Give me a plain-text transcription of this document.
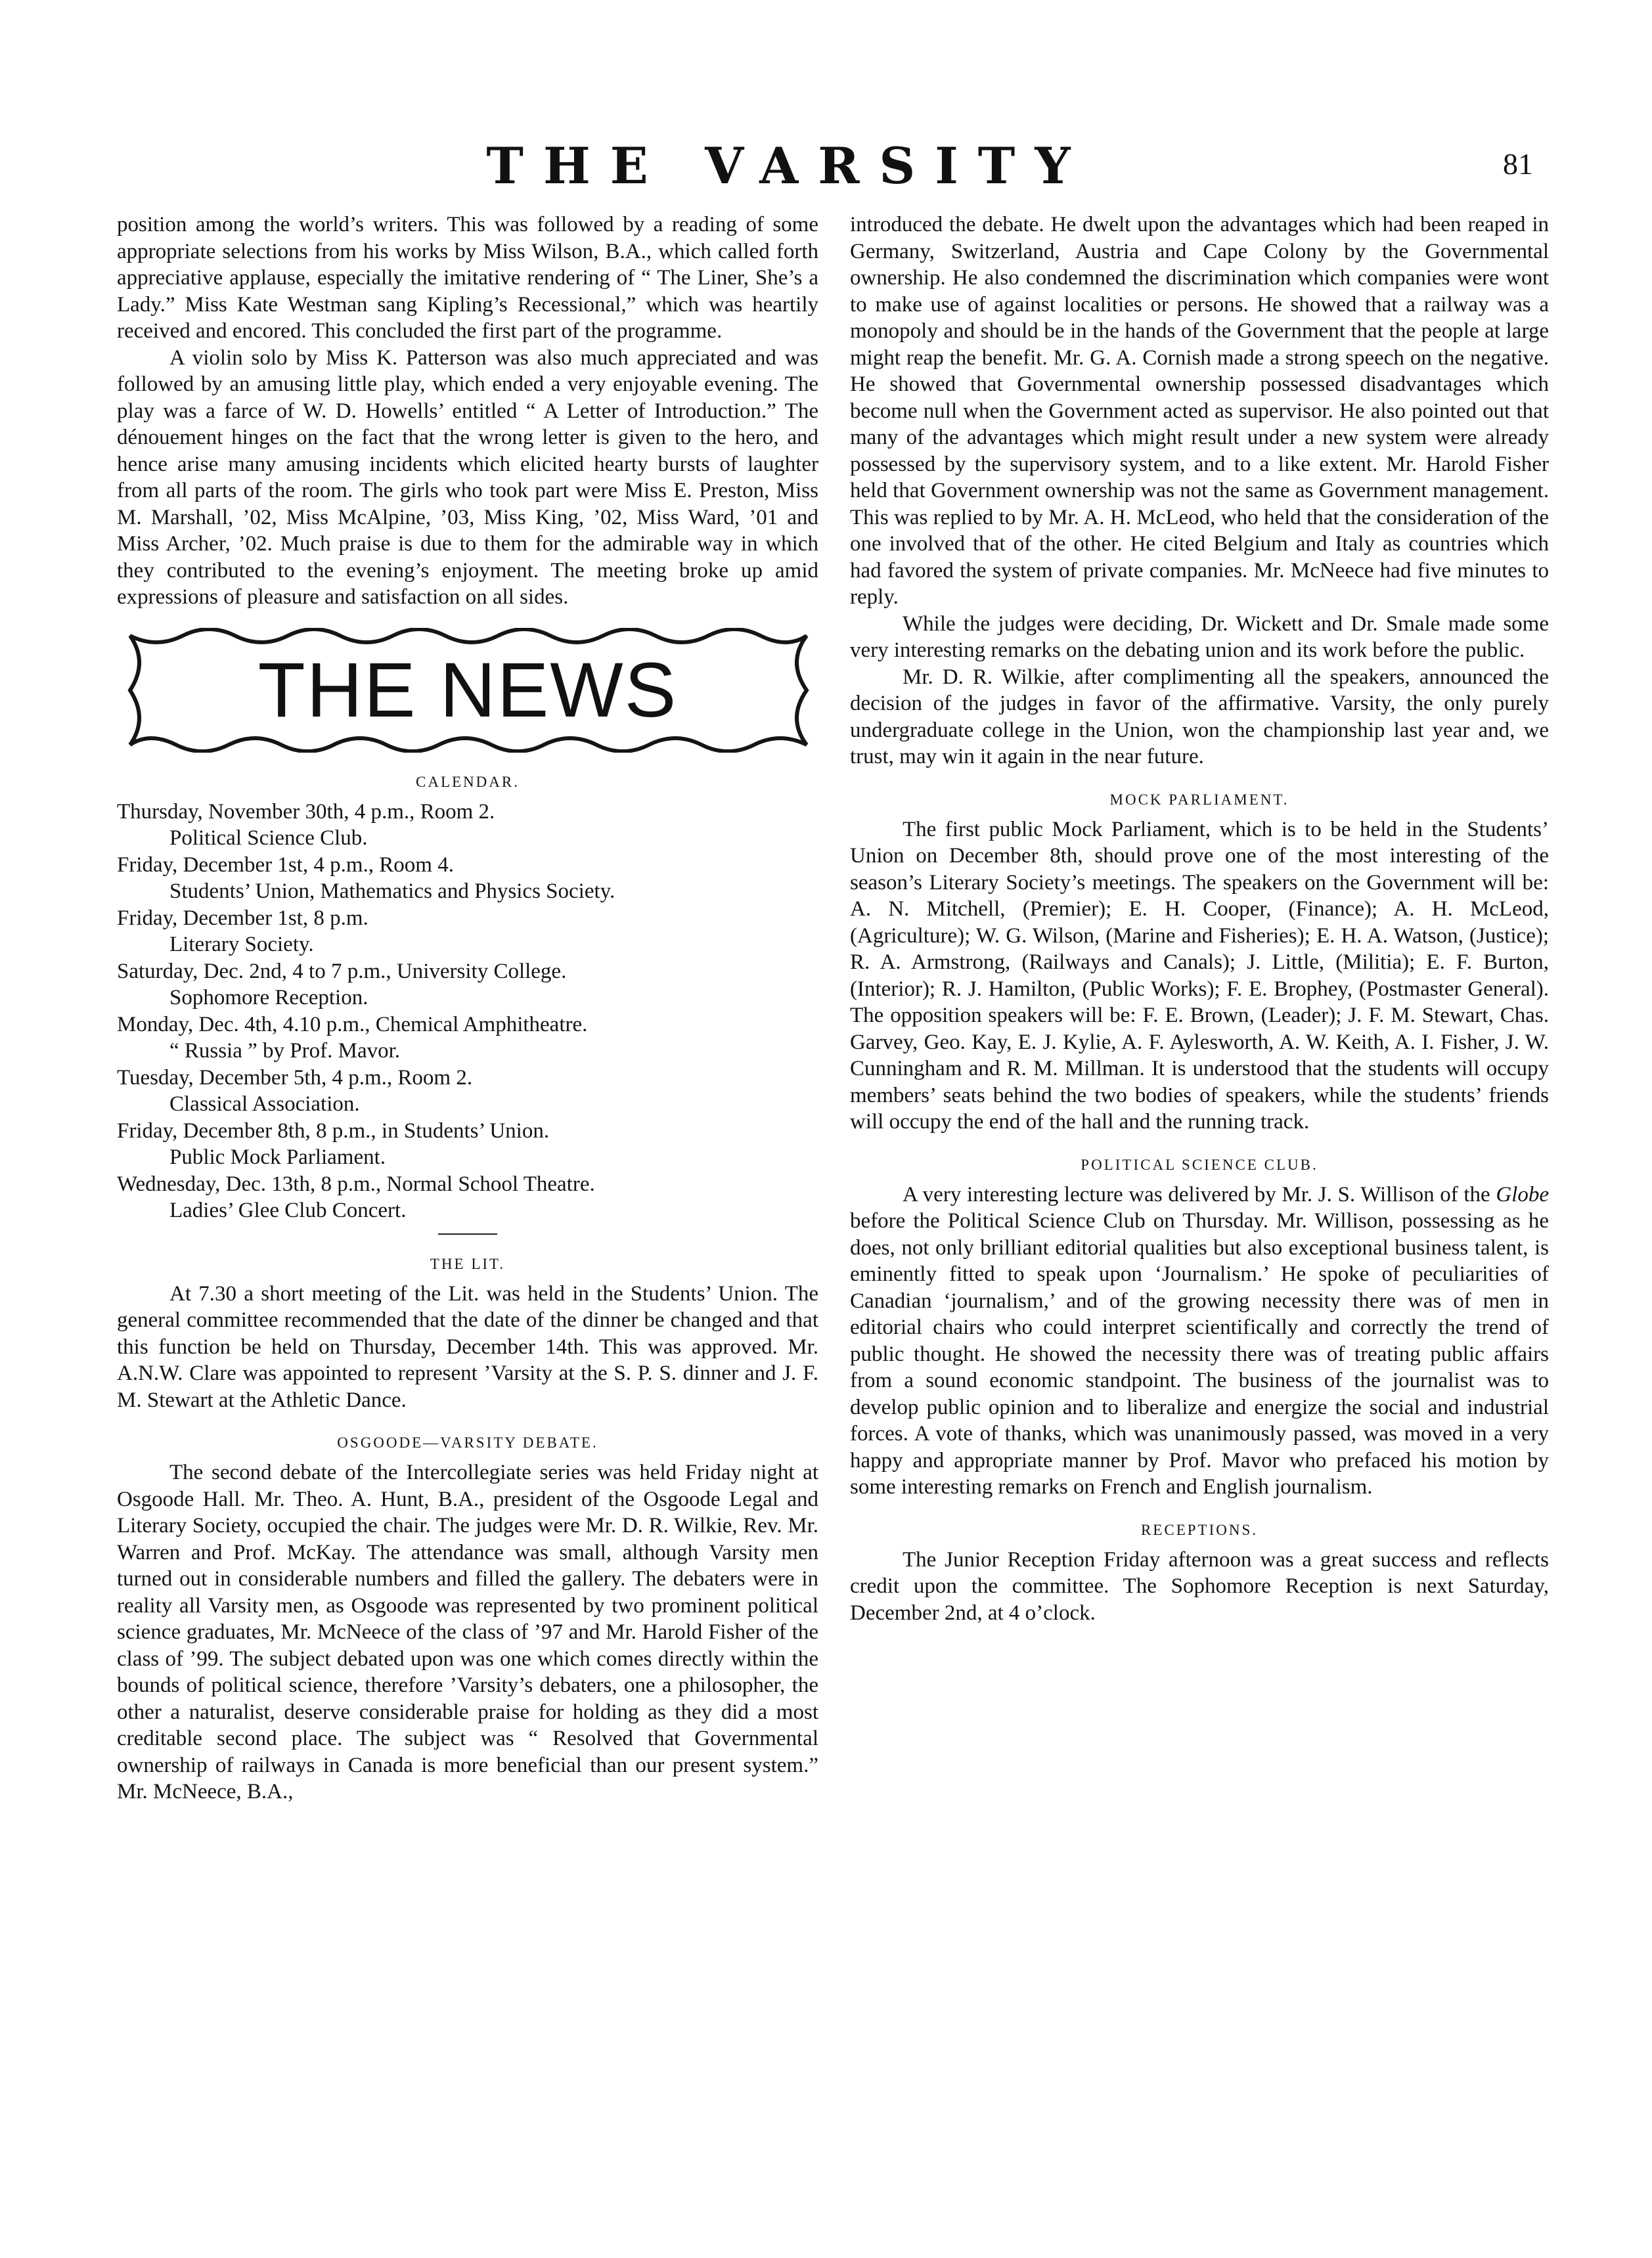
THE VARSITY	81

position among the world’s writers. This was followed by a reading of some appropriate selections from his works by Miss Wilson, B.A., which called forth appreciative applause, especially the imitative rendering of “ The Liner, She’s a Lady.” Miss Kate Westman sang Kipling’s Recessional,” which was heartily received and encored. This concluded the first part of the programme.

A violin solo by Miss K. Patterson was also much appreciated and was followed by an amusing little play, which ended a very enjoyable evening. The play was a farce of W. D. Howells’ entitled “ A Letter of Introduction.” The dénouement hinges on the fact that the wrong letter is given to the hero, and hence arise many amusing incidents which elicited hearty bursts of laughter from all parts of the room. The girls who took part were Miss E. Preston, Miss M. Marshall, ’02, Miss McAlpine, ’03, Miss King, ’02, Miss Ward, ’01 and Miss Archer, ’02. Much praise is due to them for the admirable way in which they contributed to the evening’s enjoyment. The meeting broke up amid expressions of pleasure and satisfaction on all sides.

THE NEWS
CALENDAR.

Thursday, November 30th, 4 p.m., Room 2.

Political Science Club.

Friday, December 1st, 4 p.m., Room 4.

Students’ Union, Mathematics and Physics Society.

Friday, December 1st, 8 p.m.

Literary Society.

Saturday, Dec. 2nd, 4 to 7 p.m., University College.

Sophomore Reception.

Monday, Dec. 4th, 4.10 p.m., Chemical Amphitheatre.

“ Russia ” by Prof. Mavor.

Tuesday, December 5th, 4 p.m., Room 2.

Classical Association.

Friday, December 8th, 8 p.m., in Students’ Union.

Public Mock Parliament.

Wednesday, Dec. 13th, 8 p.m., Normal School Theatre.

Ladies’ Glee Club Concert.

THE LIT.

At 7.30 a short meeting of the Lit. was held in the Students’ Union. The general committee recommended that the date of the dinner be changed and that this function be held on Thursday, December 14th. This was approved. Mr. A.N.W. Clare was appointed to represent ’Varsity at the S. P. S. dinner and J. F. M. Stewart at the Athletic Dance.

OSGOODE—VARSITY DEBATE.

The second debate of the Intercollegiate series was held Friday night at Osgoode Hall. Mr. Theo. A. Hunt, B.A., president of the Osgoode Legal and Literary Society, occupied the chair. The judges were Mr. D. R. Wilkie, Rev. Mr. Warren and Prof. McKay. The attendance was small, although Varsity men turned out in considerable numbers and filled the gallery. The debaters were in reality all Varsity men, as Osgoode was represented by two prominent political science graduates, Mr. McNeece of the class of ’97 and Mr. Harold Fisher of the class of ’99. The subject debated upon was one which comes directly within the bounds of political science, therefore ’Varsity’s debaters, one a philosopher, the other a naturalist, deserve considerable praise for holding as they did a most creditable second place. The subject was “ Resolved that Governmental ownership of railways in Canada is more beneficial than our present system.” Mr. McNeece, B.A.,

introduced the debate. He dwelt upon the advantages which had been reaped in Germany, Switzerland, Austria and Cape Colony by the Governmental ownership. He also condemned the discrimination which companies were wont to make use of against localities or persons. He showed that a railway was a monopoly and should be in the hands of the Government that the people at large might reap the benefit. Mr. G. A. Cornish made a strong speech on the negative. He showed that Governmental ownership possessed disadvantages which become null when the Government acted as supervisor. He also pointed out that many of the advantages which might result under a new system were already possessed by the supervisory system, and to a like extent. Mr. Harold Fisher held that Government ownership was not the same as Government management. This was replied to by Mr. A. H. McLeod, who held that the consideration of the one involved that of the other. He cited Belgium and Italy as countries which had favored the system of private companies. Mr. McNeece had five minutes to reply.

While the judges were deciding, Dr. Wickett and Dr. Smale made some very interesting remarks on the debating union and its work before the public.

Mr. D. R. Wilkie, after complimenting all the speakers, announced the decision of the judges in favor of the affirmative. Varsity, the only purely undergraduate college in the Union, won the championship last year and, we trust, may win it again in the near future.

MOCK PARLIAMENT.

The first public Mock Parliament, which is to be held in the Students’ Union on December 8th, should prove one of the most interesting of the season’s Literary Society’s meetings. The speakers on the Government will be: A. N. Mitchell, (Premier); E. H. Cooper, (Finance); A. H. McLeod, (Agriculture); W. G. Wilson, (Marine and Fisheries); E. H. A. Watson, (Justice); R. A. Armstrong, (Railways and Canals); J. Little, (Militia); E. F. Burton, (Interior); R. J. Hamilton, (Public Works); F. E. Brophey, (Postmaster General). The opposition speakers will be: F. E. Brown, (Leader); J. F. M. Stewart, Chas. Garvey, Geo. Kay, E. J. Kylie, A. F. Aylesworth, A. W. Keith, A. I. Fisher, J. W. Cunningham and R. M. Millman. It is understood that the students will occupy members’ seats behind the two bodies of speakers, while the students’ friends will occupy the end of the hall and the running track.

POLITICAL SCIENCE CLUB.

A very interesting lecture was delivered by Mr. J. S. Willison of the Globe before the Political Science Club on Thursday. Mr. Willison, possessing as he does, not only brilliant editorial qualities but also exceptional business talent, is eminently fitted to speak upon ‘Journalism.’ He spoke of peculiarities of Canadian ‘journalism,’ and of the growing necessity there was of men in editorial chairs who could interpret scientifically and correctly the trend of public thought. He showed the necessity there was of treating public affairs from a sound economic standpoint. The business of the journalist was to develop public opinion and to liberalize and energize the social and industrial forces. A vote of thanks, which was unanimously passed, was moved in a very happy and appropriate manner by Prof. Mavor who prefaced his motion by some interesting remarks on French and English journalism.

RECEPTIONS.

The Junior Reception Friday afternoon was a great success and reflects credit upon the committee. The Sophomore Reception is next Saturday, December 2nd, at 4 o’clock.
